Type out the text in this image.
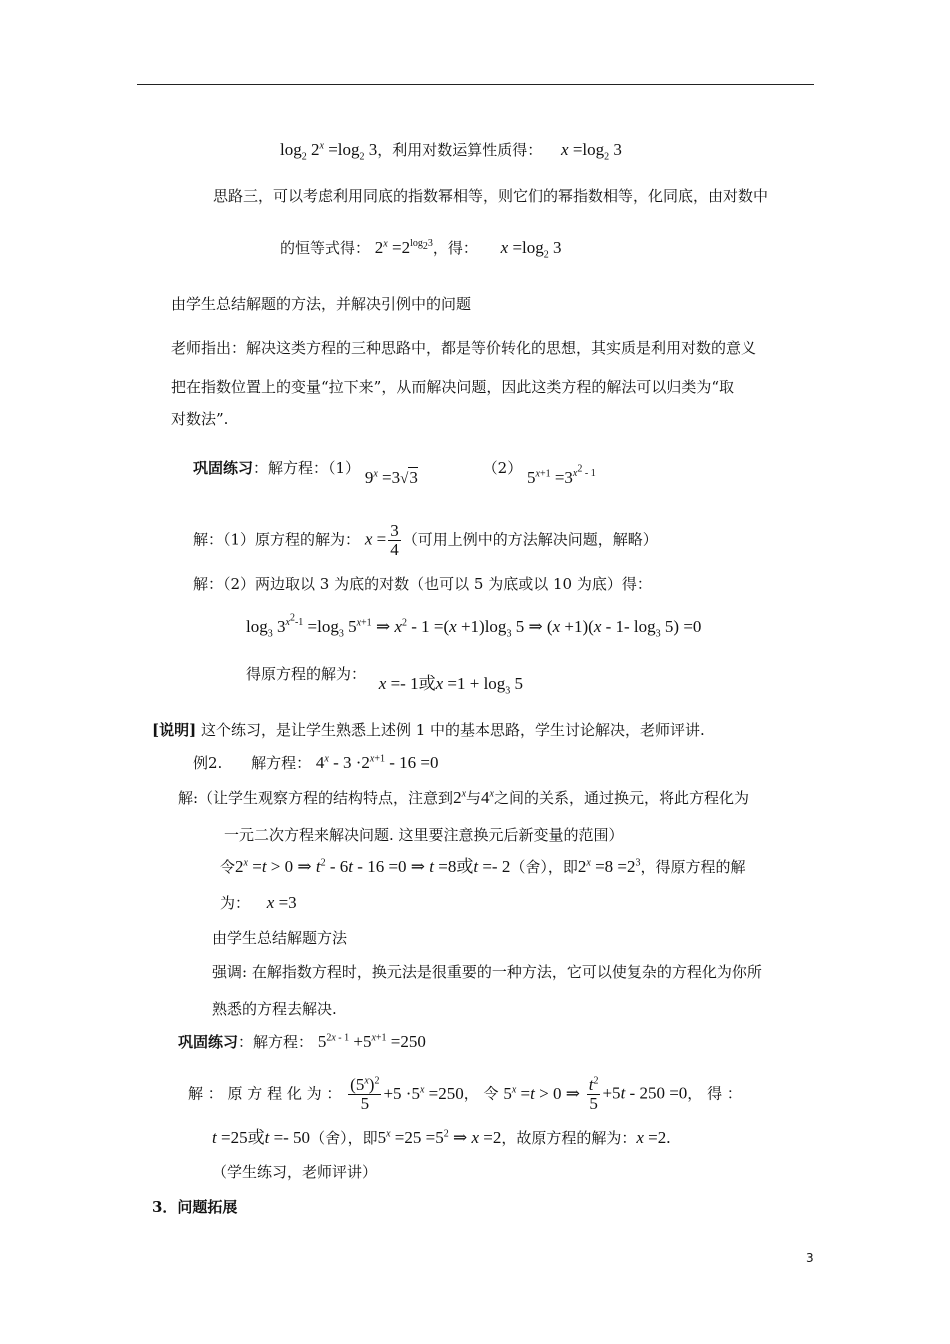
$\log_2 2^x =\log_2$ 3，利用对数运算性质得： $x =\log_2$ 3
思路三，可以考虑利用同底的指数幂相等，则它们的幂指数相等，化同底，由对数中
的恒等式得： $2^x =2^{log_23}$，得： $x =\log_2$ 3
由学生总结解题的方法，并解决引例中的问题
老师指出：解决这类方程的三种思路中，都是等价转化的思想，其实质是利用对数的意义
把在指数位置上的变量“拉下来”，从而解决问题，因此这类方程的解法可以归类为“取
对数法”.
巩固练习：解方程：（1） $9^x =3√3$	（2） $5^{x+1} =3^{x^2 - 1}$
解：（1）原方程的解为： $x = \frac{3}{4}$ （可用上例中的方法解决问题，解略）
解：（2）两边取以 3 为底的对数（也可以 5 为底或以 10 为底）得：
$\log_3 3^{x^2-1} =\log_3$ $5^{x+1}$ ⇒ $x^2 - 1 =(x +1)\log_3$ 5 ⇒ (x +1)(x - 1- $\log_3 5) =0$
得原方程的解为： x =- 1或$x =1 + \log_3 5$
[说明] 这个练习，是让学生熟悉上述例 1 中的基本思路，学生讨论解决，老师评讲.
例2. 解方程： $4^x - 3 \cdot 2^{x+1} - 16 =0$
解:（让学生观察方程的结构特点，注意到2$^x$与4$^x$之间的关系，通过换元，将此方程化为
一元二次方程来解决问题. 这里要注意换元后新变量的范围）
令$2^x =t > 0$ ⇒ $t^2 - 6t - 16 =0$ ⇒ t =8或t =- 2（舍），即$2^x =8 =2^3$，得原方程的解
为： x =3
由学生总结解题方法
强调: 在解指数方程时，换元法是很重要的一种方法，它可以使复杂的方程化为你所
熟悉的方程去解决.
巩固练习：解方程： $5^{2x - 1} +5^{x+1} =250$
解 ： 原 方 程 化 为 ： $\frac{(5^x)^2}{5} +5 \cdot 5^x =250$， 令 $5^x =t > 0$ ⇒ $\frac{t^2}{5} +5t - 250 =0$， 得 ：
t =25或t =- 50（舍），即$5^x =25 =5^2$ ⇒ x =2，故原方程的解为：x =2.
（学生练习，老师评讲）
3．问题拓展
3
